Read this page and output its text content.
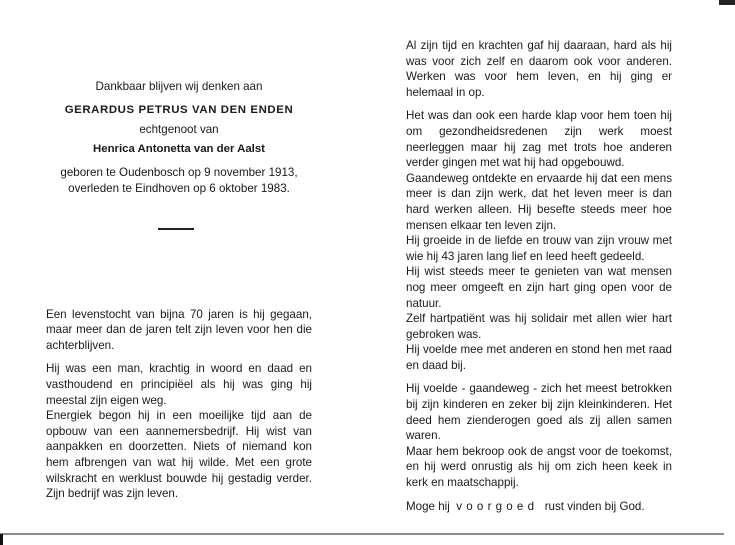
Dankbaar blijven wij denken aan

GERARDUS PETRUS VAN DEN ENDEN

echtgenoot van

Henrica Antonetta van der Aalst

geboren te Oudenbosch op 9 november 1913,
overleden te Eindhoven op 6 oktober 1983.

Een levenstocht van bijna 70 jaren is hij gegaan, maar meer dan de jaren telt zijn leven voor hen die achterblijven.

Hij was een man, krachtig in woord en daad en vasthoudend en principiëel als hij was ging hij meestal zijn eigen weg.

Energiek begon hij in een moeilijke tijd aan de opbouw van een aannemersbedrijf. Hij wist van aanpakken en doorzetten. Niets of niemand kon hem afbrengen van wat hij wilde. Met een grote wilskracht en werklust bouwde hij gestadig verder. Zijn bedrijf was zijn leven.

Al zijn tijd en krachten gaf hij daaraan, hard als hij was voor zich zelf en daarom ook voor anderen. Werken was voor hem leven, en hij ging er helemaal in op.

Het was dan ook een harde klap voor hem toen hij om gezondheidsredenen zijn werk moest neerleggen maar hij zag met trots hoe anderen verder gingen met wat hij had opgebouwd.

Gaandeweg ontdekte en ervaarde hij dat een mens meer is dan zijn werk, dat het leven meer is dan hard werken alleen. Hij besefte steeds meer hoe mensen elkaar ten leven zijn.

Hij groeide in de liefde en trouw van zijn vrouw met wie hij 43 jaren lang lief en leed heeft gedeeld.

Hij wist steeds meer te genieten van wat mensen nog meer omgeeft en zijn hart ging open voor de natuur.

Zelf hartpatiënt was hij solidair met allen wier hart gebroken was.

Hij voelde mee met anderen en stond hen met raad en daad bij.

Hij voelde - gaandeweg - zich het meest betrokken bij zijn kinderen en zeker bij zijn kleinkinderen. Het deed hem zienderogen goed als zij allen samen waren.

Maar hem bekroop ook de angst voor de toekomst, en hij werd onrustig als hij om zich heen keek in kerk en maatschappij.

Moge hij voorgoed rust vinden bij God.
